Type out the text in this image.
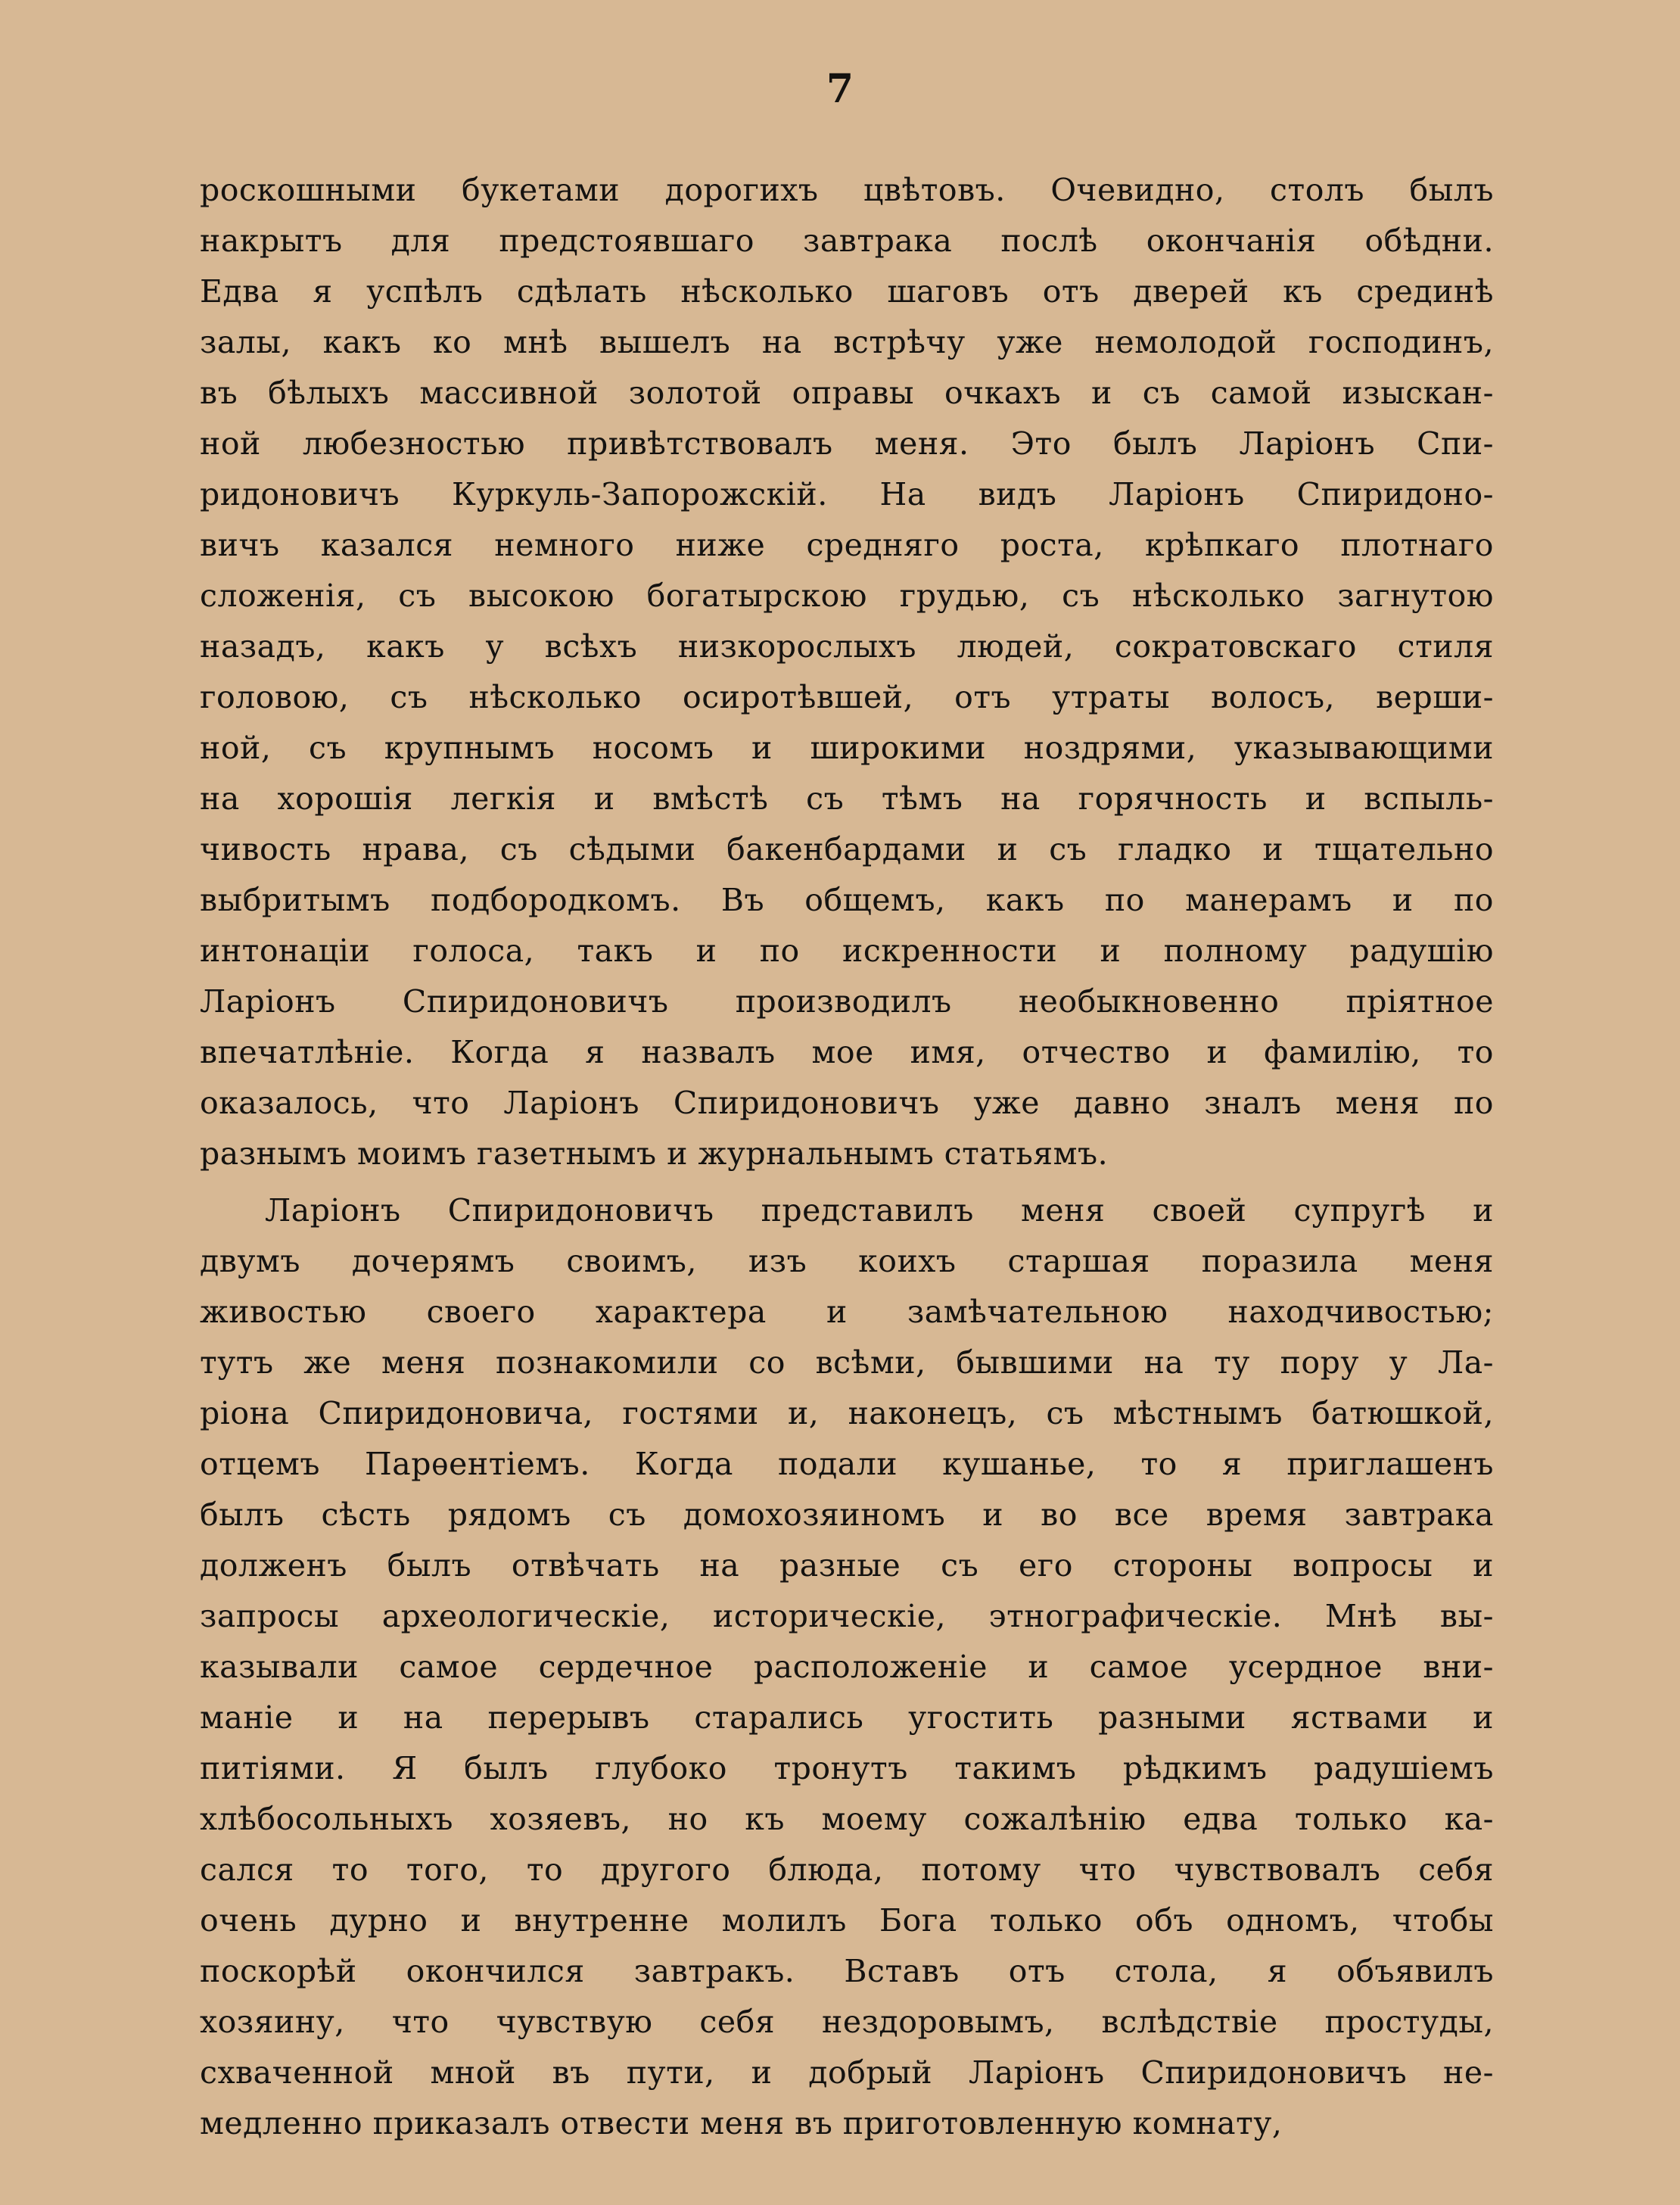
7
роскошными букетами дорогихъ цвѣтовъ. Очевидно, столъ былъ
накрытъ для предстоявшаго завтрака послѣ окончанія обѣдни.
Едва я успѣлъ сдѣлать нѣсколько шаговъ отъ дверей къ срединѣ
залы, какъ ко мнѣ вышелъ на встрѣчу уже немолодой господинъ,
въ бѣлыхъ массивной золотой оправы очкахъ и съ самой изыскан-
ной любезностью привѣтствовалъ меня. Это былъ Ларіонъ Спи-
ридоновичъ Куркуль-Запорожскій. На видъ Ларіонъ Спиридоно-
вичъ казался немного ниже средняго роста, крѣпкаго плотнаго
сложенія, съ высокою богатырскою грудью, съ нѣсколько загнутою
назадъ, какъ у всѣхъ низкорослыхъ людей, сократовскаго стиля
головою, съ нѣсколько осиротѣвшей, отъ утраты волосъ, верши-
ной, съ крупнымъ носомъ и широкими ноздрями, указывающими
на хорошія легкія и вмѣстѣ съ тѣмъ на горячность и вспыль-
чивость нрава, съ сѣдыми бакенбардами и съ гладко и тщательно
выбритымъ подбородкомъ. Въ общемъ, какъ по манерамъ и по
интонаціи голоса, такъ и по искренности и полному радушію
Ларіонъ Спиридоновичъ производилъ необыкновенно пріятное
впечатлѣніе. Когда я назвалъ мое имя, отчество и фамилію, то
оказалось, что Ларіонъ Спиридоновичъ уже давно зналъ меня по
разнымъ моимъ газетнымъ и журнальнымъ статьямъ.
Ларіонъ Спиридоновичъ представилъ меня своей супругѣ и
двумъ дочерямъ своимъ, изъ коихъ старшая поразила меня
живостью своего характера и замѣчательною находчивостью;
тутъ же меня познакомили со всѣми, бывшими на ту пору у Ла-
ріона Спиридоновича, гостями и, наконецъ, съ мѣстнымъ батюшкой,
отцемъ Парѳентіемъ. Когда подали кушанье, то я приглашенъ
былъ сѣсть рядомъ съ домохозяиномъ и во все время завтрака
долженъ былъ отвѣчать на разные съ его стороны вопросы и
запросы археологическіе, историческіе, этнографическіе. Мнѣ вы-
казывали самое сердечное расположеніе и самое усердное вни-
маніе и на перерывъ старались угостить разными яствами и
питіями. Я былъ глубоко тронутъ такимъ рѣдкимъ радушіемъ
хлѣбосольныхъ хозяевъ, но къ моему сожалѣнію едва только ка-
сался то того, то другого блюда, потому что чувствовалъ себя
очень дурно и внутренне молилъ Бога только объ одномъ, чтобы
поскорѣй окончился завтракъ. Вставъ отъ стола, я объявилъ
хозяину, что чувствую себя нездоровымъ, вслѣдствіе простуды,
схваченной мной въ пути, и добрый Ларіонъ Спиридоновичъ не-
медленно приказалъ отвести меня въ приготовленную комнату,
